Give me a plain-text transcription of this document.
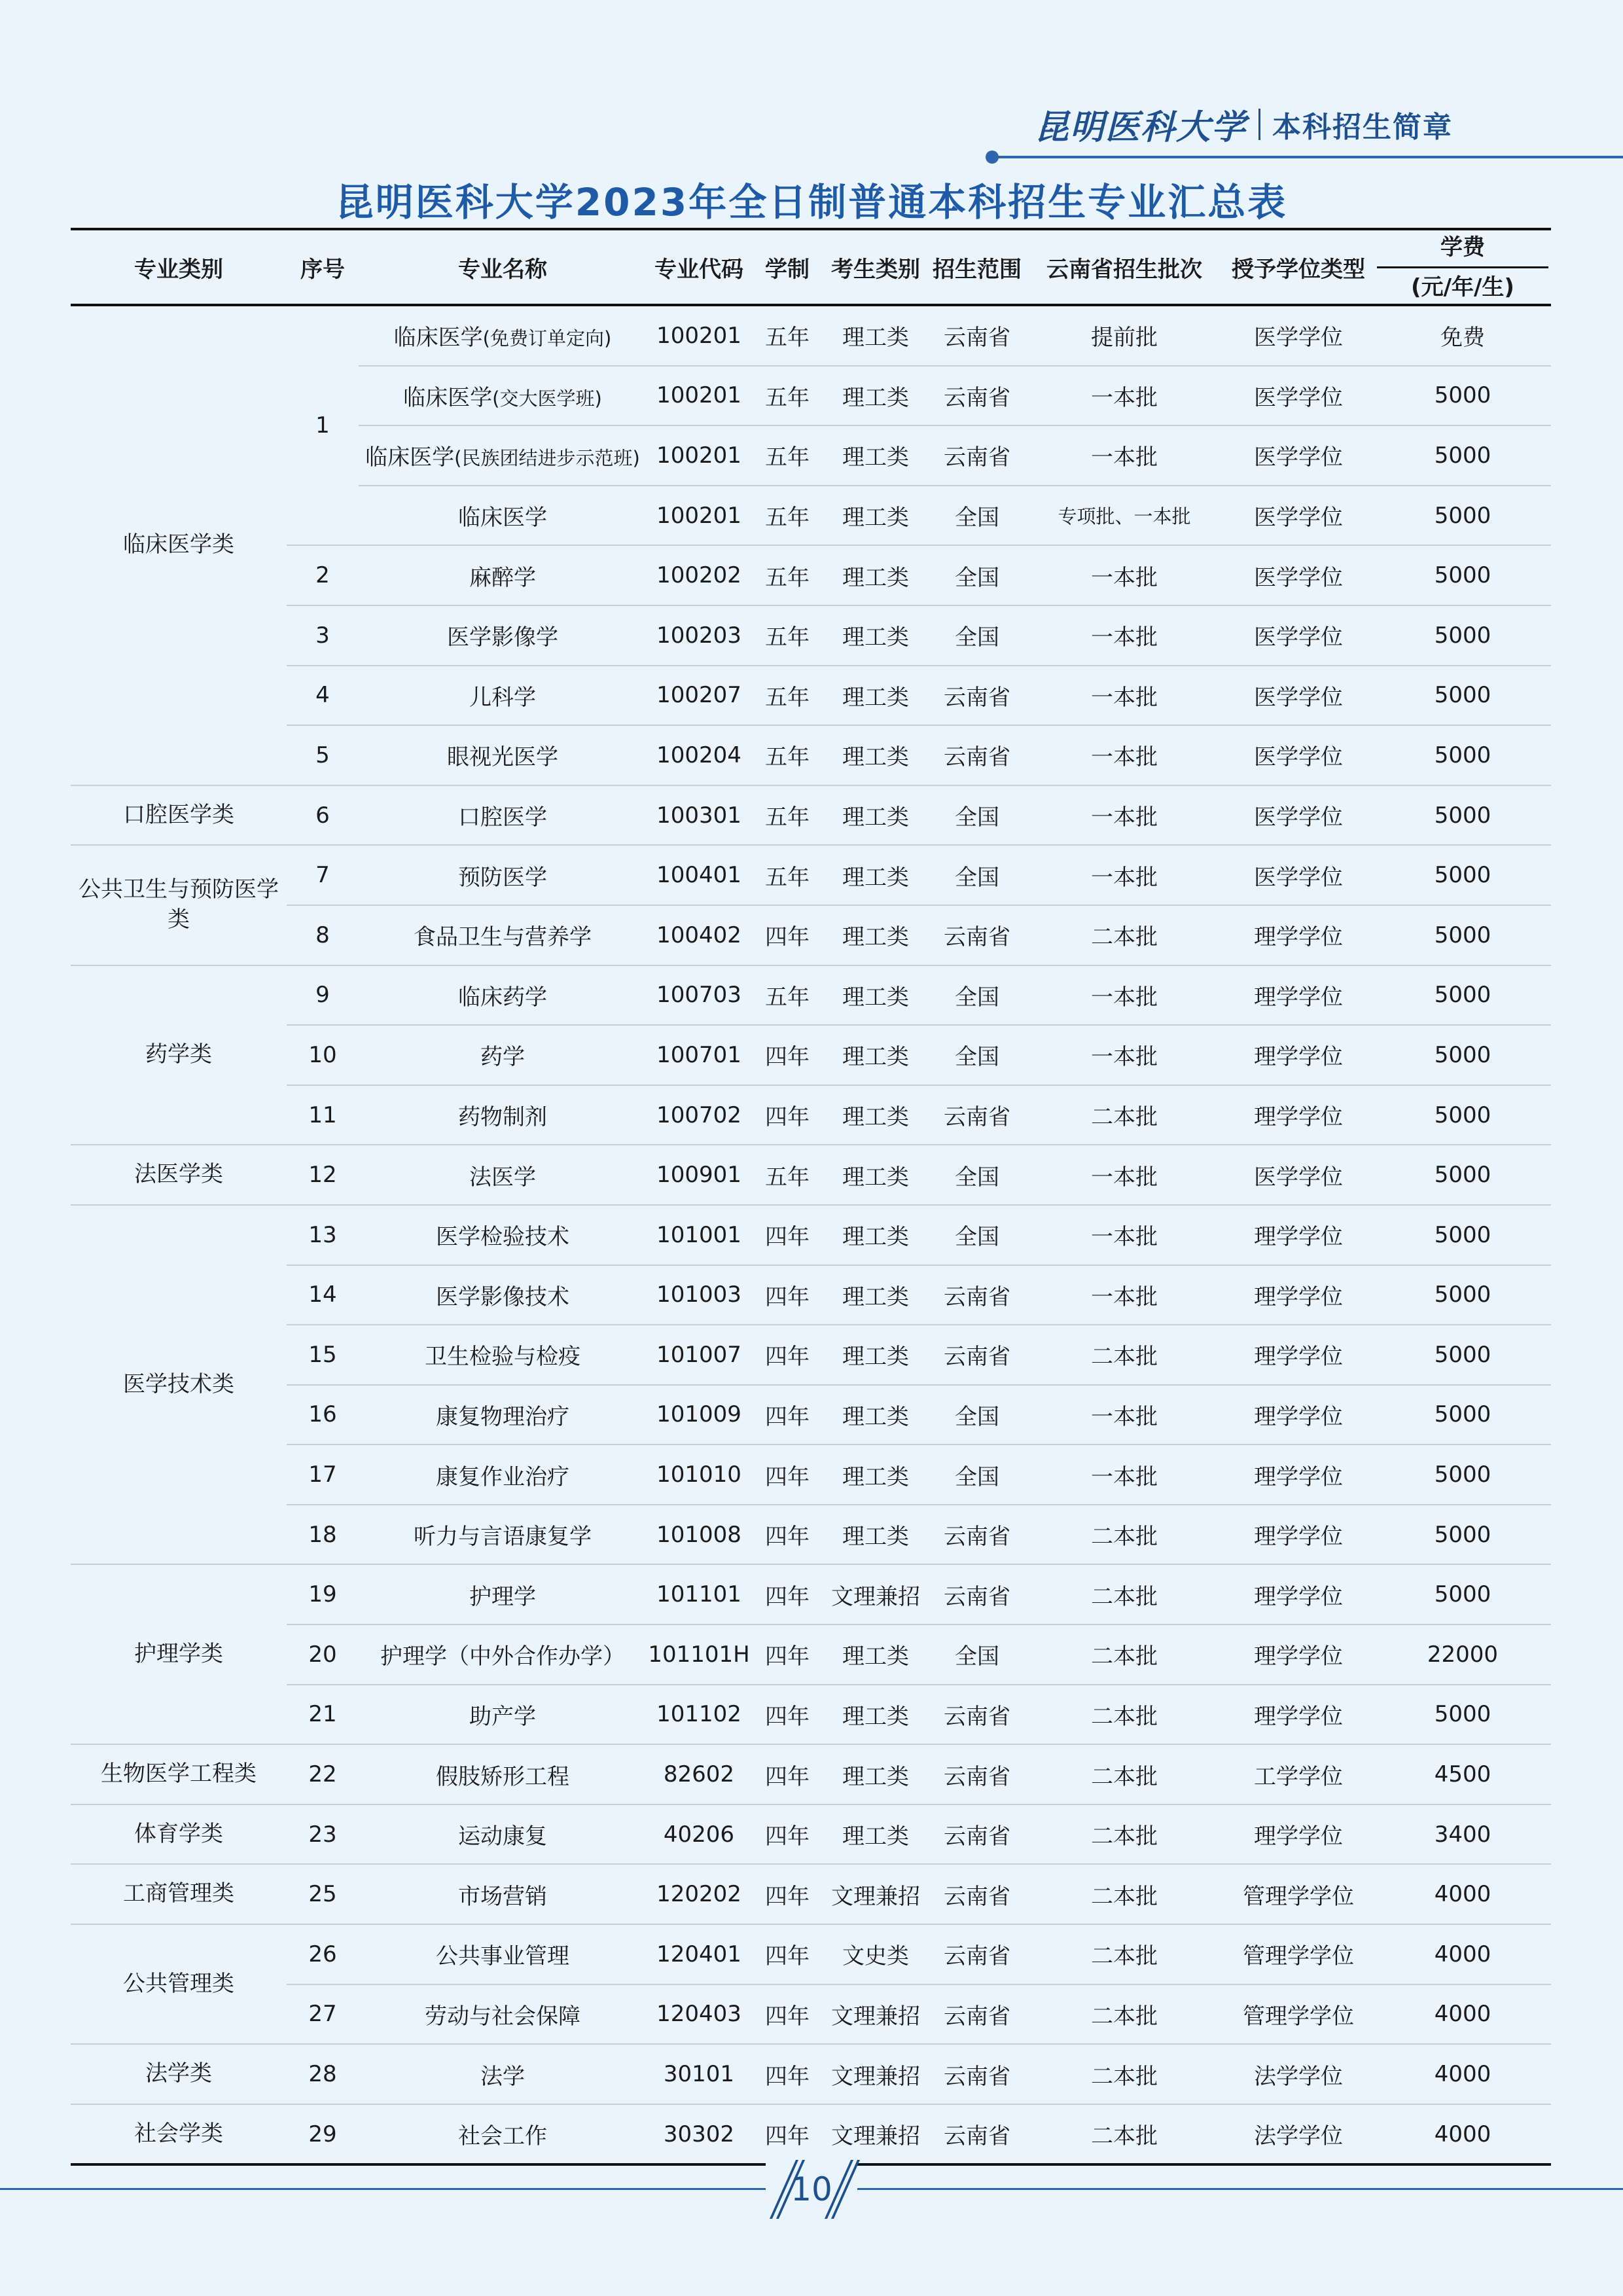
昆明医科大学 本科招生简章
昆明医科大学2023年全日制普通本科招生专业汇总表
专业类别	序号	专业名称	专业代码	学制	考生类别	招生范围	云南省招生批次	授予学位类型	学费
(元/年/生)

临床医学类	1	临床医学(免费订单定向)	100201	五年	理工类	云南省	提前批	医学学位	免费
		临床医学(交大医学班)	100201	五年	理工类	云南省	一本批	医学学位	5000
		临床医学(民族团结进步示范班)	100201	五年	理工类	云南省	一本批	医学学位	5000
		临床医学	100201	五年	理工类	全国	专项批、一本批	医学学位	5000
	2	麻醉学	100202	五年	理工类	全国	一本批	医学学位	5000
	3	医学影像学	100203	五年	理工类	全国	一本批	医学学位	5000
	4	儿科学	100207	五年	理工类	云南省	一本批	医学学位	5000
	5	眼视光医学	100204	五年	理工类	云南省	一本批	医学学位	5000
口腔医学类	6	口腔医学	100301	五年	理工类	全国	一本批	医学学位	5000
公共卫生与预防医学类	7	预防医学	100401	五年	理工类	全国	一本批	医学学位	5000
	8	食品卫生与营养学	100402	四年	理工类	云南省	二本批	理学学位	5000
药学类	9	临床药学	100703	五年	理工类	全国	一本批	理学学位	5000
	10	药学	100701	四年	理工类	全国	一本批	理学学位	5000
	11	药物制剂	100702	四年	理工类	云南省	二本批	理学学位	5000
法医学类	12	法医学	100901	五年	理工类	全国	一本批	医学学位	5000
医学技术类	13	医学检验技术	101001	四年	理工类	全国	一本批	理学学位	5000
	14	医学影像技术	101003	四年	理工类	云南省	一本批	理学学位	5000
	15	卫生检验与检疫	101007	四年	理工类	云南省	二本批	理学学位	5000
	16	康复物理治疗	101009	四年	理工类	全国	一本批	理学学位	5000
	17	康复作业治疗	101010	四年	理工类	全国	一本批	理学学位	5000
	18	听力与言语康复学	101008	四年	理工类	云南省	二本批	理学学位	5000
护理学类	19	护理学	101101	四年	文理兼招	云南省	二本批	理学学位	5000
	20	护理学（中外合作办学）	101101H	四年	理工类	全国	二本批	理学学位	22000
	21	助产学	101102	四年	理工类	云南省	二本批	理学学位	5000
生物医学工程类	22	假肢矫形工程	82602	四年	理工类	云南省	二本批	工学学位	4500
体育学类	23	运动康复	40206	四年	理工类	云南省	二本批	理学学位	3400
工商管理类	25	市场营销	120202	四年	文理兼招	云南省	二本批	管理学学位	4000
公共管理类	26	公共事业管理	120401	四年	文史类	云南省	二本批	管理学学位	4000
	27	劳动与社会保障	120403	四年	文理兼招	云南省	二本批	管理学学位	4000
法学类	28	法学	30101	四年	文理兼招	云南省	二本批	法学学位	4000
社会学类	29	社会工作	30302	四年	文理兼招	云南省	二本批	法学学位	4000
10
